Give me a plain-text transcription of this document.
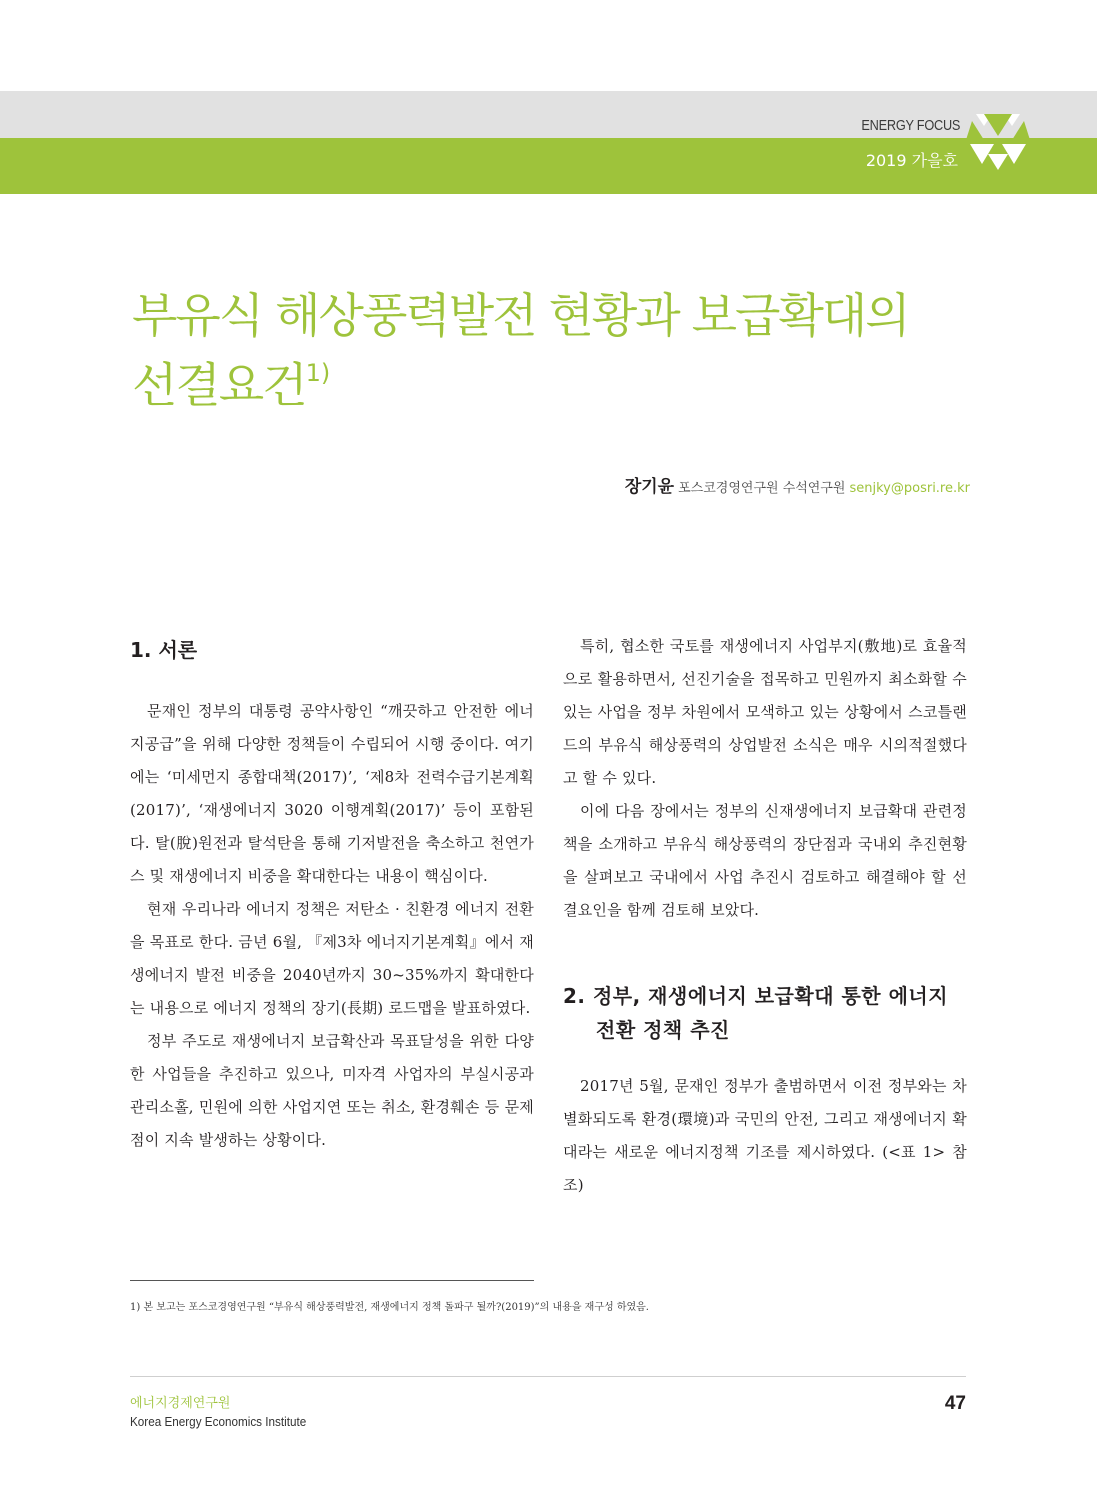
ENERGY FOCUS
2019 가을호
부유식 해상풍력발전 현황과 보급확대의
선결요건$^{1)}$
장기윤 포스코경영연구원 수석연구원 senjky@posri.re.kr
1. 서론

문재인 정부의 대통령 공약사항인 “깨끗하고 안전한 에너지공급”을 위해 다양한 정책들이 수립되어 시행 중이다. 여기에는 ‘미세먼지 종합대책(2017)’, ‘제8차 전력수급기본계획(2017)’, ‘재생에너지 3020 이행계획(2017)’ 등이 포함된다. 탈(脫)원전과 탈석탄을 통해 기저발전을 축소하고 천연가스 및 재생에너지 비중을 확대한다는 내용이 핵심이다.

현재 우리나라 에너지 정책은 저탄소 · 친환경 에너지 전환을 목표로 한다. 금년 6월, 『제3차 에너지기본계획』에서 재생에너지 발전 비중을 2040년까지 30~35%까지 확대한다는 내용으로 에너지 정책의 장기(長期) 로드맵을 발표하였다.

정부 주도로 재생에너지 보급확산과 목표달성을 위한 다양한 사업들을 추진하고 있으나, 미자격 사업자의 부실시공과 관리소홀, 민원에 의한 사업지연 또는 취소, 환경훼손 등 문제점이 지속 발생하는 상황이다.

특히, 협소한 국토를 재생에너지 사업부지(敷地)로 효율적으로 활용하면서, 선진기술을 접목하고 민원까지 최소화할 수 있는 사업을 정부 차원에서 모색하고 있는 상황에서 스코틀랜드의 부유식 해상풍력의 상업발전 소식은 매우 시의적절했다고 할 수 있다.

이에 다음 장에서는 정부의 신재생에너지 보급확대 관련정책을 소개하고 부유식 해상풍력의 장단점과 국내외 추진현황을 살펴보고 국내에서 사업 추진시 검토하고 해결해야 할 선결요인을 함께 검토해 보았다.

2. 정부, 재생에너지 보급확대 통한 에너지전환 정책 추진

2017년 5월, 문재인 정부가 출범하면서 이전 정부와는 차별화되도록 환경(環境)과 국민의 안전, 그리고 재생에너지 확대라는 새로운 에너지정책 기조를 제시하였다. (<표 1> 참조)

1) 본 보고는 포스코경영연구원 “부유식 해상풍력발전, 재생에너지 정책 돌파구 될까?(2019)”의 내용을 재구성 하였음.
에너지경제연구원
Korea Energy Economics Institute
47
